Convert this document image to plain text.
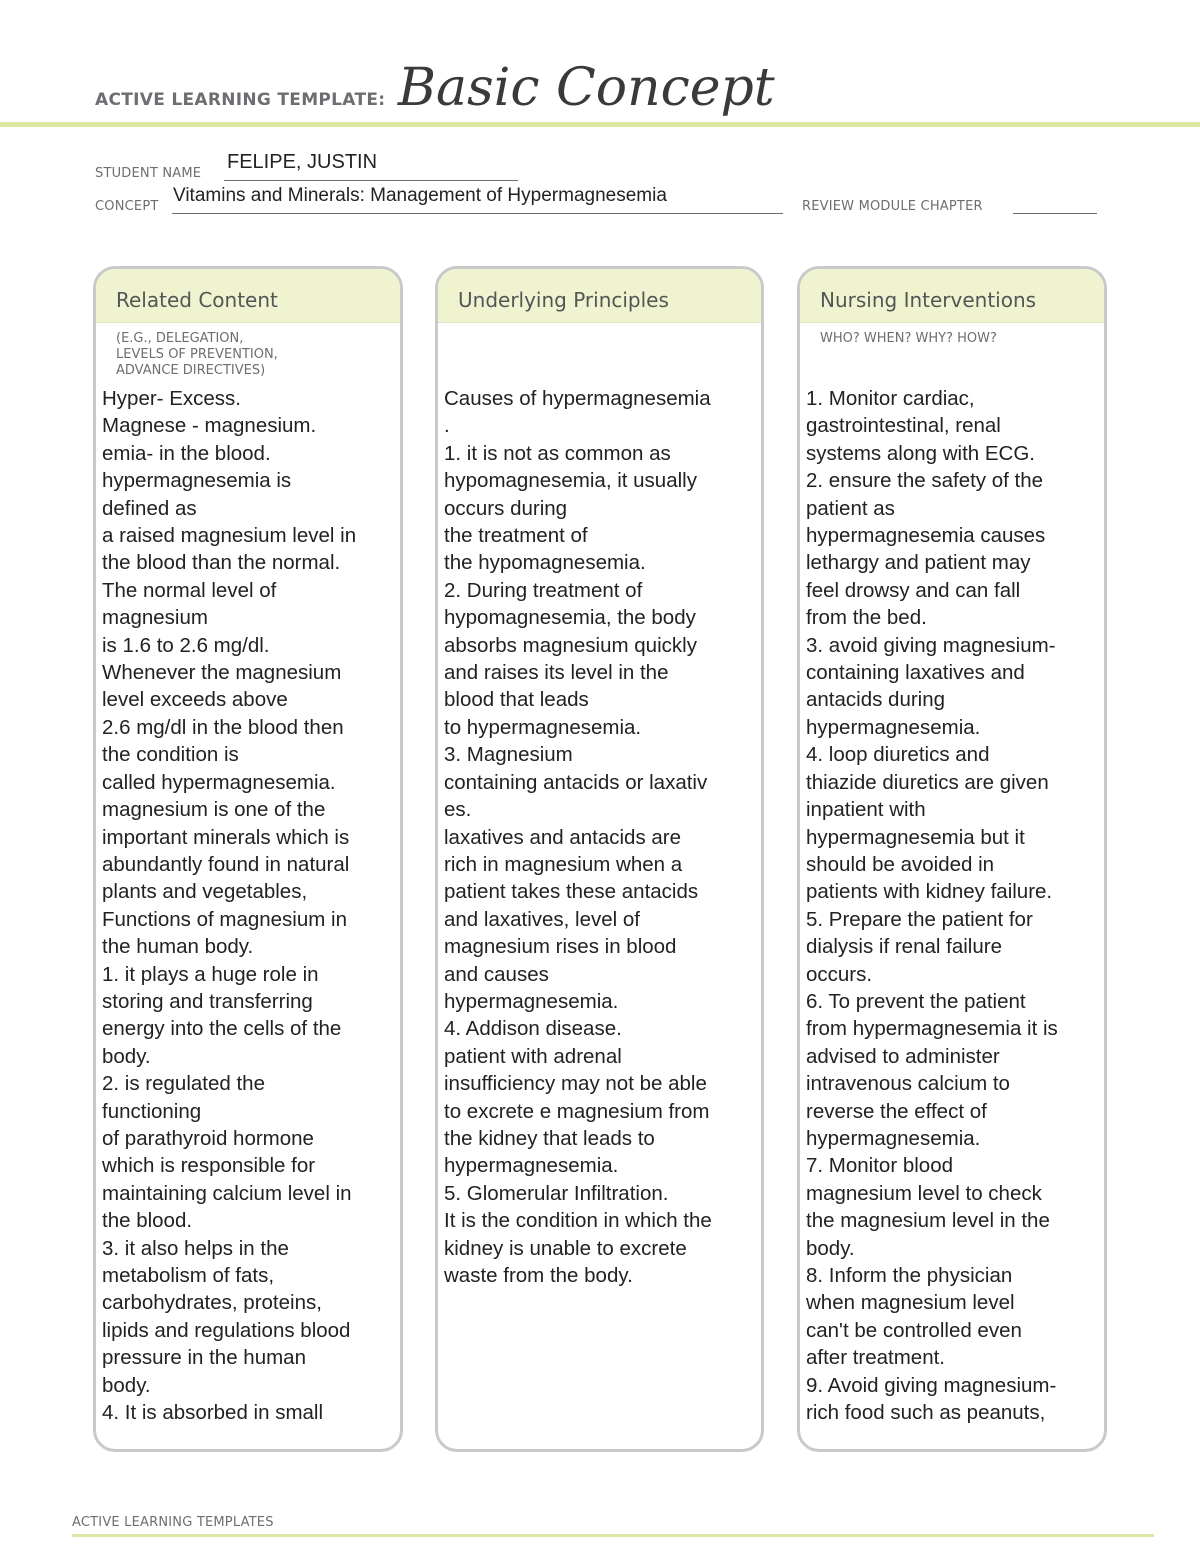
ACTIVE LEARNING TEMPLATE: Basic Concept
STUDENT NAME
FELIPE, JUSTIN
CONCEPT
Vitamins and Minerals: Management of Hypermagnesemia
REVIEW MODULE CHAPTER
Related Content
(E.G., DELEGATION,
LEVELS OF PREVENTION,
ADVANCE DIRECTIVES)
Hyper- Excess.
Magnese - magnesium.
emia- in the blood.
hypermagnesemia is
defined as
a raised magnesium level in
the blood than the normal.
The normal level of
magnesium
is 1.6 to 2.6 mg/dl.
Whenever the magnesium
level exceeds above
2.6 mg/dl in the blood then
the condition is
called hypermagnesemia.
magnesium is one of the
important minerals which is
abundantly found in natural
plants and vegetables,
Functions of magnesium in
the human body.
1. it plays a huge role in
storing and transferring
energy into the cells of the
body.
2. is regulated the
functioning
of parathyroid hormone
which is responsible for
maintaining calcium level in
the blood.
3. it also helps in the
metabolism of fats,
carbohydrates, proteins,
lipids and regulations blood
pressure in the human
body.
4. It is absorbed in small
Underlying Principles
Causes of hypermagnesemia
.
1. it is not as common as
hypomagnesemia, it usually
occurs during
the treatment of
the hypomagnesemia.
2. During treatment of
hypomagnesemia, the body
absorbs magnesium quickly
and raises its level in the
blood that leads
to hypermagnesemia.
3. Magnesium
containing antacids or laxativ
es.
laxatives and antacids are
rich in magnesium when a
patient takes these antacids
and laxatives, level of
magnesium rises in blood
and causes
hypermagnesemia.
4. Addison disease.
patient with adrenal
insufficiency may not be able
to excrete e magnesium from
the kidney that leads to
hypermagnesemia.
5. Glomerular Infiltration.
It is the condition in which the
kidney is unable to excrete
waste from the body.
Nursing Interventions
WHO? WHEN? WHY? HOW?
1. Monitor cardiac,
gastrointestinal, renal
systems along with ECG.
2. ensure the safety of the
patient as
hypermagnesemia causes
lethargy and patient may
feel drowsy and can fall
from the bed.
3. avoid giving magnesium-
containing laxatives and
antacids during
hypermagnesemia.
4. loop diuretics and
thiazide diuretics are given
inpatient with
hypermagnesemia but it
should be avoided in
patients with kidney failure.
5. Prepare the patient for
dialysis if renal failure
occurs.
6. To prevent the patient
from hypermagnesemia it is
advised to administer
intravenous calcium to
reverse the effect of
hypermagnesemia.
7. Monitor blood
magnesium level to check
the magnesium level in the
body.
8. Inform the physician
when magnesium level
can't be controlled even
after treatment.
9. Avoid giving magnesium-
rich food such as peanuts,
ACTIVE LEARNING TEMPLATES
